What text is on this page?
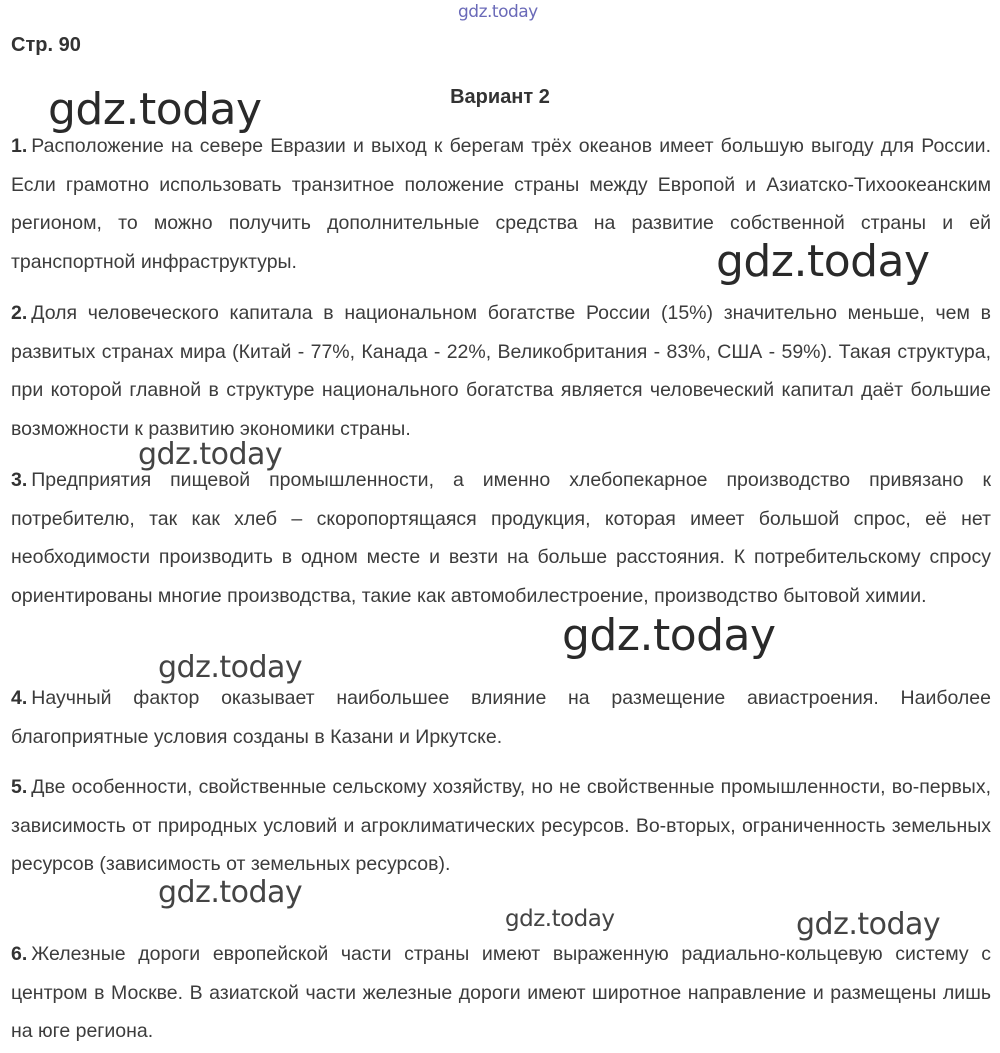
gdz.today
Стр. 90
Вариант 2

1. Расположение на севере Евразии и выход к берегам трёх океанов имеет большую выгоду для России. Если грамотно использовать транзитное положение страны между Европой и Азиатско-Тихоокеанским регионом, то можно получить дополнительные средства на развитие собственной страны и ей транспортной инфраструктуры.

2. Доля человеческого капитала в национальном богатстве России (15%) значительно меньше, чем в развитых странах мира (Китай - 77%, Канада - 22%, Великобритания - 83%, США - 59%). Такая структура, при которой главной в структуре национального богатства является человеческий капитал даёт большие возможности к развитию экономики страны.

3. Предприятия пищевой промышленности, а именно хлебопекарное производство привязано к потребителю, так как хлеб – скоропортящаяся продукция, которая имеет большой спрос, её нет необходимости производить в одном месте и везти на больше расстояния. К потребительскому спросу ориентированы многие производства, такие как автомобилестроение, производство бытовой химии.

4. Научный фактор оказывает наибольшее влияние на размещение авиастроения. Наиболее благоприятные условия созданы в Казани и Иркутске.

5. Две особенности, свойственные сельскому хозяйству, но не свойственные промышленности, во-первых, зависимость от природных условий и агроклиматических ресурсов. Во-вторых, ограниченность земельных ресурсов (зависимость от земельных ресурсов).

6. Железные дороги европейской части страны имеют выраженную радиально-кольцевую систему с центром в Москве. В азиатской части железные дороги имеют широтное направление и размещены лишь на юге региона.

gdz.today
gdz.today
gdz.today
gdz.today
gdz.today
gdz.today
gdz.today	gdz.today
